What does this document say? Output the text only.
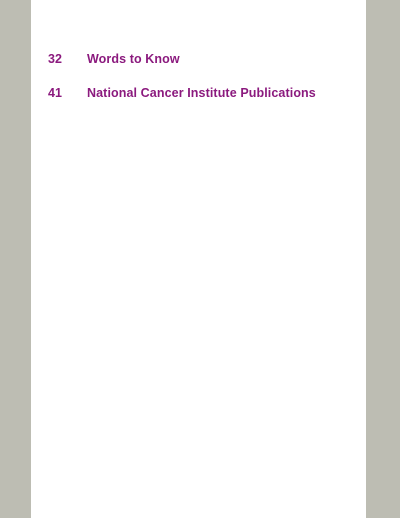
32	Words to Know
41	National Cancer Institute Publications
